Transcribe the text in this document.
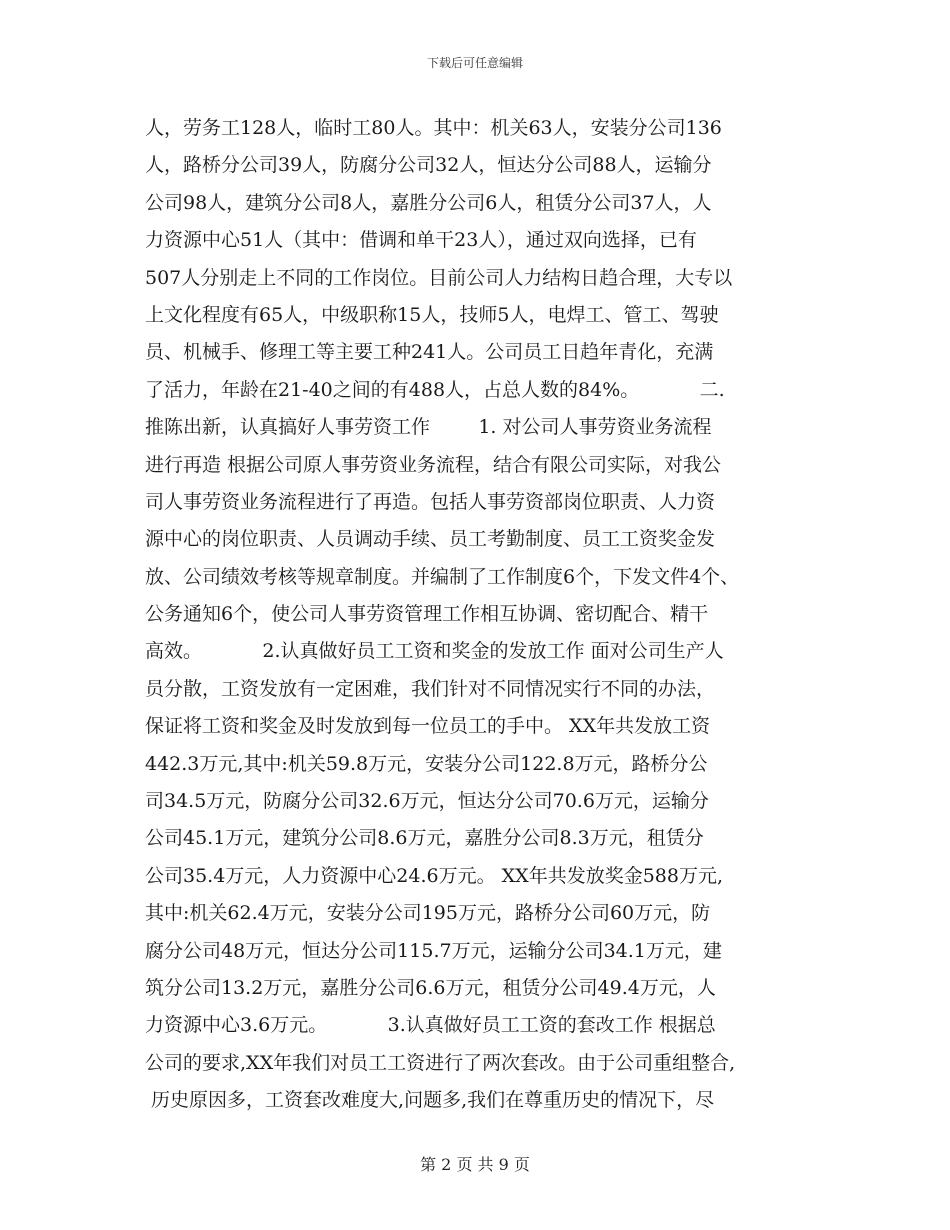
下载后可任意编辑
人，劳务工128人，临时工80人。其中：机关63人，安装分公司136
人，路桥分公司39人，防腐分公司32人，恒达分公司88人，运输分
公司98人，建筑分公司8人，嘉胜分公司6人，租赁分公司37人，人
力资源中心51人（其中：借调和单干23人），通过双向选择，已有
507人分别走上不同的工作岗位。目前公司人力结构日趋合理，大专以
上文化程度有65人，中级职称15人，技师5人，电焊工、管工、驾驶
员、机械手、修理工等主要工种241人。公司员工日趋年青化，充满
了活力，年龄在21-40之间的有488人，占总人数的84%。          二.
推陈出新，认真搞好人事劳资工作        1. 对公司人事劳资业务流程
进行再造 根据公司原人事劳资业务流程，结合有限公司实际，对我公
司人事劳资业务流程进行了再造。包括人事劳资部岗位职责、人力资
源中心的岗位职责、人员调动手续、员工考勤制度、员工工资奖金发
放、公司绩效考核等规章制度。并编制了工作制度6个，下发文件4个、
公务通知6个，使公司人事劳资管理工作相互协调、密切配合、精干
高效。          2.认真做好员工工资和奖金的发放工作 面对公司生产人
员分散，工资发放有一定困难，我们针对不同情况实行不同的办法，
保证将工资和奖金及时发放到每一位员工的手中。 XX年共发放工资
442.3万元,其中:机关59.8万元，安装分公司122.8万元，路桥分公
司34.5万元，防腐分公司32.6万元，恒达分公司70.6万元，运输分
公司45.1万元，建筑分公司8.6万元，嘉胜分公司8.3万元，租赁分
公司35.4万元，人力资源中心24.6万元。 XX年共发放奖金588万元,
其中:机关62.4万元，安装分公司195万元，路桥分公司60万元，防
腐分公司48万元，恒达分公司115.7万元，运输分公司34.1万元，建
筑分公司13.2万元，嘉胜分公司6.6万元，租赁分公司49.4万元，人
力资源中心3.6万元。          3.认真做好员工工资的套改工作 根据总
公司的要求,XX年我们对员工工资进行了两次套改。由于公司重组整合,
历史原因多，工资套改难度大,问题多,我们在尊重历史的情况下，尽
第 2 页 共 9 页
